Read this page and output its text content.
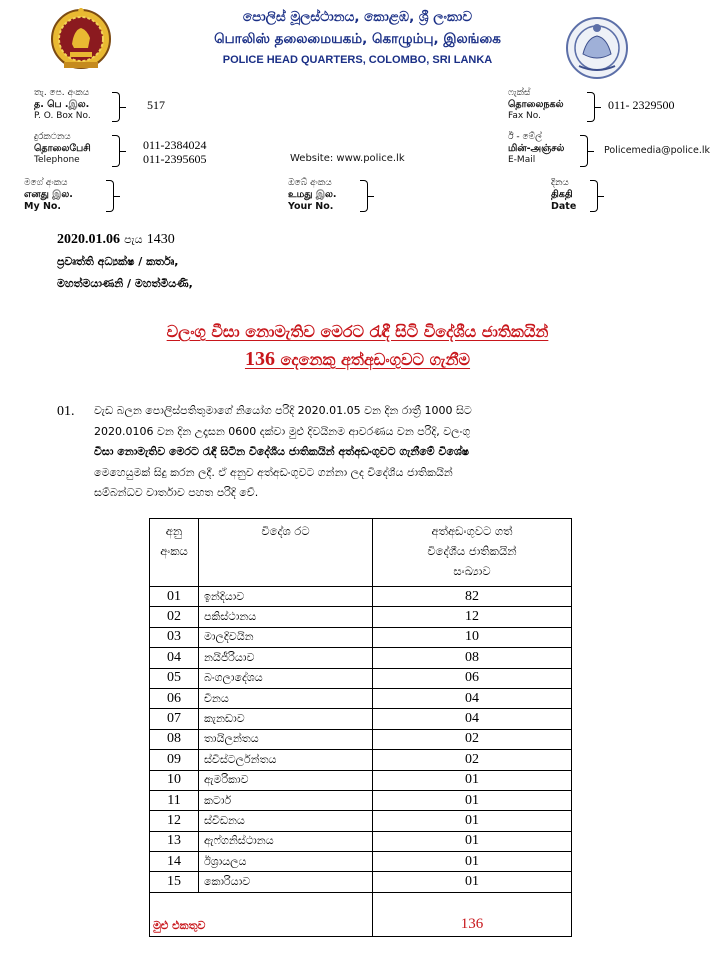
පොලිස් මූලස්ථානය, කොළඹ, ශ්‍රී ලංකාව
பொலிஸ் தலைமையகம், கொழும்பு, இலங்கை
POLICE HEAD QUARTERS, COLOMBO, SRI LANKA
තැ. පෙ. අංකය
த. பெ .இல.
P. O. Box No.
517
ෆැක්ස්
தொலைநகல்
Fax No.
011- 2329500
දුරකථනය
தொலைபேசி
Telephone
011-2384024
011-2395605	Website: www.police.lk
ඊ - මේල්
மின்-அஞ்சல்
E-Mail
Policemedia@police.lk
මගේ අංකය
எனது இல.
My No.
ඔබේ අංකය
உமது இல.
Your No.
දිනය
திகதி
Date
2020.01.06 පැය 1430
ප්‍රවෘත්ති අධ්‍යක්ෂ / කර්තෘ,
මහත්මයාණනි / මහත්මියණි,
වලංගු වීසා නොමැතිව මෙරට රැඳී සිටි විදේශීය ජාතිකයින්
136 දෙනෙකු අත්අඩංගුවට ගැනීම
01. වැඩ බලන පොලිස්පතිතුමාගේ නියෝග පරිදි 2020.01.05 වන දින රාත්‍රී 1000 සිට
2020.0106 වන දින උදෑසන 0600 දක්වා මුළු දිවයිනම ආවරණය වන පරිදි, වලංගු
වීසා නොමැතිව මෙරට රැඳී සිටින විදේශීය ජාතිකයින් අත්අඩංගුවට ගැනීමේ විශේෂ
මෙහෙයුමක් සිදු කරන ලදී. ඒ අනුව අත්අඩංගුවට ගන්නා ලද විදේශීය ජාතිකයින්
සම්බන්ධව වාර්තාව පහත පරිදි වේ.
අනු
අංකය	විදේශ රට	අත්අඩංගුවට ගත්
විදේශීය ජාතිකයින්
සංඛ්‍යාව
01	ඉන්දියාව	82
02	පකිස්ථානය	12
03	මාලදිවයින	10
04	නයිජීරියාව	08
05	බංගලාදේශය	06
06	චීනය	04
07	කැනඩාව	04
08	තායිලන්තය	02
09	ස්විස්ටර්ලන්තය	02
10	ඇමරිකාව	01
11	කටාර්	01
12	ස්විඩනය	01
13	ඇෆ්ගනිස්ථානය	01
14	ඊශ්‍රායලය	01
15	කොරියාව	01
මුළු එකතුව		136
